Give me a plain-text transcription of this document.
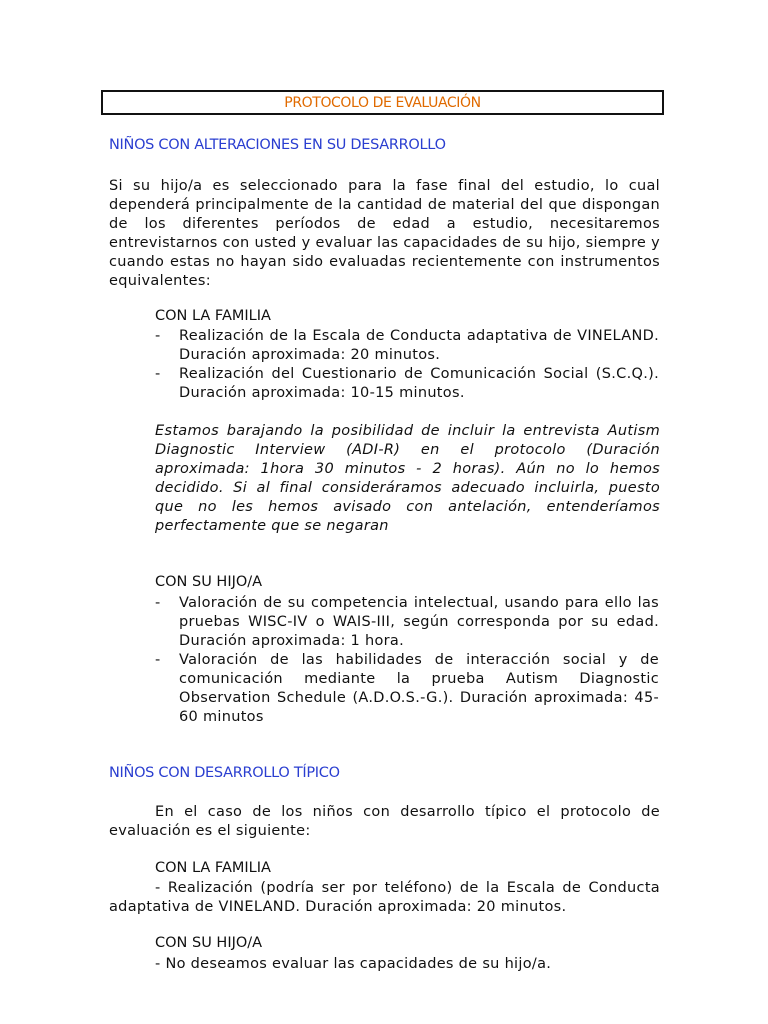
PROTOCOLO DE EVALUACIÓN
NIÑOS CON ALTERACIONES EN SU DESARROLLO

Si su hijo/a es seleccionado para la fase final del estudio, lo cual dependerá principalmente de la cantidad de material del que dispongan de los diferentes períodos de edad a estudio, necesitaremos entrevistarnos con usted y evaluar las capacidades de su hijo, siempre y cuando estas no hayan sido evaluadas recientemente con instrumentos equivalentes:

CON LA FAMILIA
- Realización de la Escala de Conducta adaptativa de VINELAND. Duración aproximada: 20 minutos.
- Realización del Cuestionario de Comunicación Social (S.C.Q.). Duración aproximada: 10-15 minutos.

Estamos barajando la posibilidad de incluir la entrevista Autism Diagnostic Interview (ADI-R) en el protocolo (Duración aproximada: 1hora 30 minutos - 2 horas). Aún no lo hemos decidido. Si al final consideráramos adecuado incluirla, puesto que no les hemos avisado con antelación, entenderíamos perfectamente que se negaran

CON SU HIJO/A
- Valoración de su competencia intelectual, usando para ello las pruebas WISC-IV o WAIS-III, según corresponda por su edad. Duración aproximada: 1 hora.
- Valoración de las habilidades de interacción social y de comunicación mediante la prueba Autism Diagnostic Observation Schedule (A.D.O.S.-G.). Duración aproximada: 45-60 minutos
NIÑOS CON DESARROLLO TÍPICO

En el caso de los niños con desarrollo típico el protocolo de evaluación es el siguiente:

CON LA FAMILIA

- Realización (podría ser por teléfono) de la Escala de Conducta adaptativa de VINELAND. Duración aproximada: 20 minutos.

CON SU HIJO/A

- No deseamos evaluar las capacidades de su hijo/a.
